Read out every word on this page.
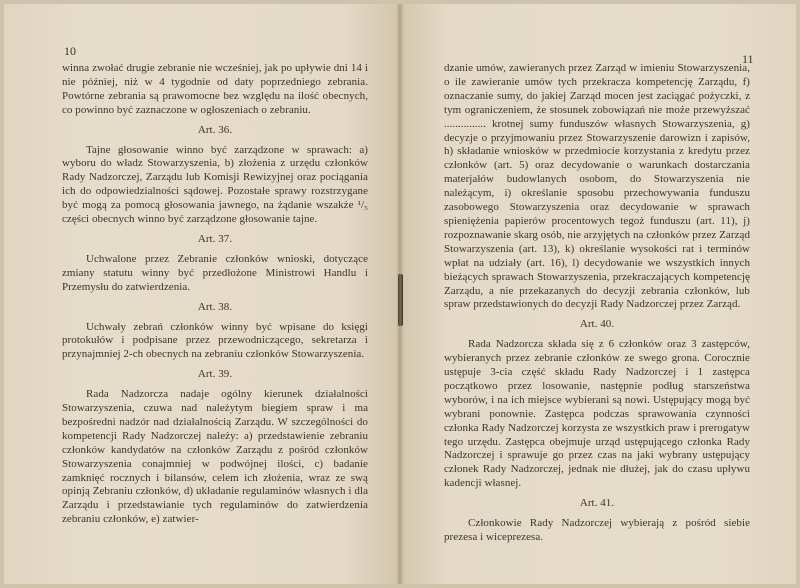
10

winna zwołać drugie zebranie nie wcześniej, jak po upływie dni 14 i nie później, niż w 4 tygodnie od daty poprzedniego zebrania. Powtórne zebrania są prawomocne bez względu na ilość obecnych, co powinno być zaznaczone w ogłoszeniach o zebraniu.

Art. 36.

Tajne głosowanie winno być zarządzone w sprawach: a) wyboru do władz Stowarzyszenia, b) złożenia z urzędu członków Rady Nadzorczej, Zarządu lub Komisji Rewizyjnej oraz pociągania ich do odpowiedzialności sądowej. Pozostałe sprawy rozstrzygane być mogą za pomocą głosowania jawnego, na żądanie wszakże ¹/₅ części obecnych winno być zarządzone głosowanie tajne.

Art. 37.

Uchwalone przez Zebranie członków wnioski, dotyczące zmiany statutu winny być przedłożone Ministrowi Handlu i Przemysłu do zatwierdzenia.

Art. 38.

Uchwały zebrań członków winny być wpisane do księgi protokułów i podpisane przez przewodniczącego, sekretarza i przynajmniej 2-ch obecnych na zebraniu członków Stowarzyszenia.

Art. 39.

Rada Nadzorcza nadaje ogólny kierunek działalności Stowarzyszenia, czuwa nad należytym biegiem spraw i ma bezpośredni nadzór nad działalnością Zarządu. W szczególności do kompetencji Rady Nadzorczej należy: a) przedstawienie zebraniu członków kandydatów na członków Zarządu z pośród członków Stowarzyszenia conajmniej w podwójnej ilości, c) badanie zamknięć rocznych i bilansów, celem ich złożenia, wraz ze swą opinją Zebraniu członków, d) układanie regulaminów własnych i dla Zarządu i przedstawianie tych regulaminów do zatwierdzenia zebraniu członków, e) zatwier-

11

dzanie umów, zawieranych przez Zarząd w imieniu Stowarzyszenia, o ile zawieranie umów tych przekracza kompetencję Zarządu, f) oznaczanie sumy, do jakiej Zarząd mocen jest zaciągać pożyczki, z tym ograniczeniem, że stosunek zobowiązań nie może przewyższać ............... krotnej sumy funduszów własnych Stowarzyszenia, g) decyzje o przyjmowaniu przez Stowarzyszenie darowizn i zapisów, h) składanie wniosków w przedmiocie korzystania z kredytu przez członków (art. 5) oraz decydowanie o warunkach dostarczania materjałów budowlanych osobom, do Stowarzyszenia nie należącym, i) określanie sposobu przechowywania funduszu zasobowego Stowarzyszenia oraz decydowanie w sprawach spieniężenia papierów procentowych tegoż funduszu (art. 11), j) rozpoznawanie skarg osób, nie arzyjętych na członków przez Zarząd Stowarzyszenia (art. 13), k) określanie wysokości rat i terminów wpłat na udziały (art. 16), l) decydowanie we wszystkich innych bieżących sprawach Stowarzyszenia, przekraczających kompetencję Zarządu, a nie przekazanych do decyzji zebrania członków, lub spraw przedstawionych do decyzji Rady Nadzorczej przez Zarząd.

Art. 40.

Rada Nadzorcza składa się z 6 członków oraz 3 zastępców, wybieranych przez zebranie członków ze swego grona. Corocznie ustępuje 3-cia część składu Rady Nadzorczej i 1 zastępca początkowo przez losowanie, następnie podług starszeństwa wyborów, i na ich miejsce wybierani są nowi. Ustępujący mogą być wybrani ponownie. Zastępca podczas sprawowania czynności członka Rady Nadzorczej korzysta ze wszystkich praw i prerogatyw tego urzędu. Zastępca obejmuje urząd ustępującego członka Rady Nadzorczej i sprawuje go przez czas na jaki wybrany ustępujący członek Rady Nadzorczej, jednak nie dłużej, jak do czasu upływu kadencji własnej.

Art. 41.

Członkowie Rady Nadzorczej wybierają z pośród siebie prezesa i wiceprezesa.
